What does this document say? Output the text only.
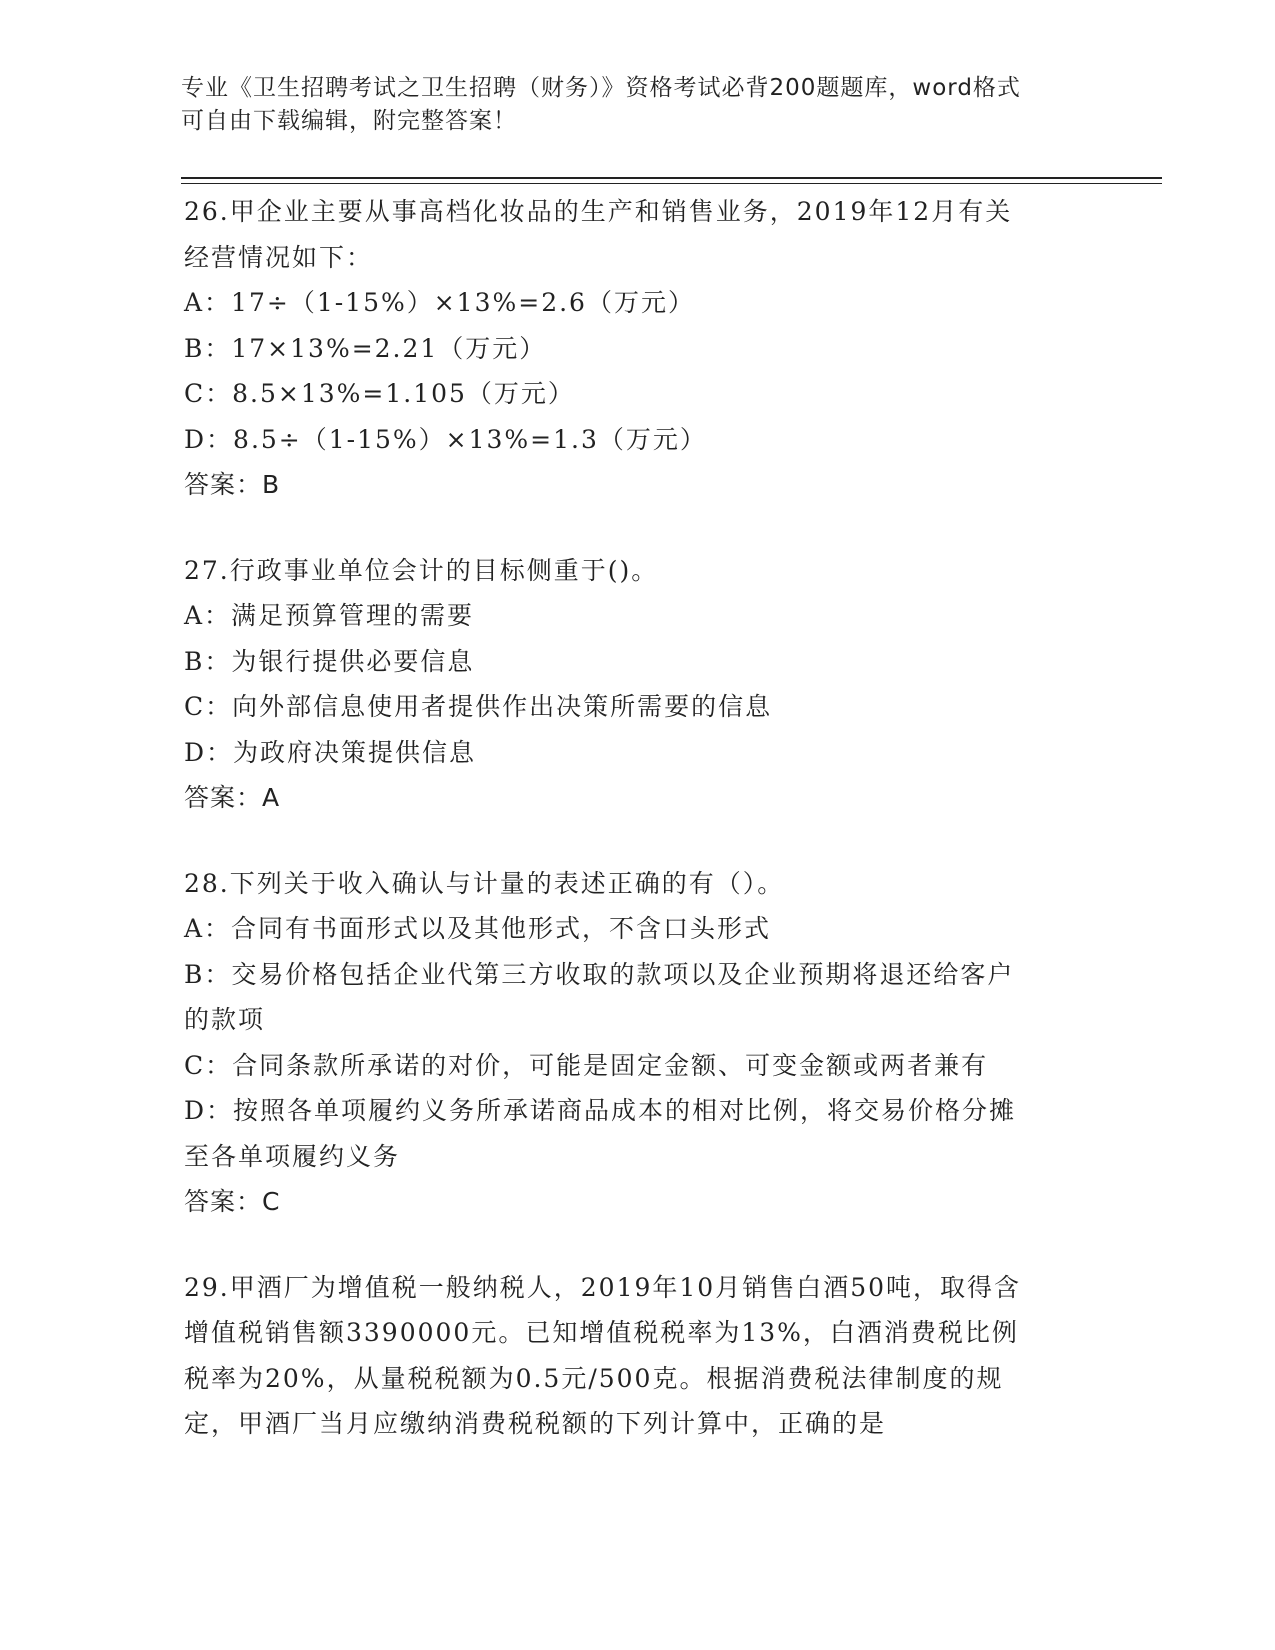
专业《卫生招聘考试之卫生招聘（财务）》资格考试必背200题题库，word格式
可自由下载编辑，附完整答案！
26.甲企业主要从事高档化妆品的生产和销售业务，2019年12月有关
经营情况如下：
A：17÷（1-15%）×13%=2.6（万元）
B：17×13%=2.21（万元）
C：8.5×13%=1.105（万元）
D：8.5÷（1-15%）×13%=1.3（万元）
答案：B
27.行政事业单位会计的目标侧重于()。
A：满足预算管理的需要
B：为银行提供必要信息
C：向外部信息使用者提供作出决策所需要的信息
D：为政府决策提供信息
答案：A
28.下列关于收入确认与计量的表述正确的有（）。
A：合同有书面形式以及其他形式，不含口头形式
B：交易价格包括企业代第三方收取的款项以及企业预期将退还给客户
的款项
C：合同条款所承诺的对价，可能是固定金额、可变金额或两者兼有
D：按照各单项履约义务所承诺商品成本的相对比例，将交易价格分摊
至各单项履约义务
答案：C
29.甲酒厂为增值税一般纳税人，2019年10月销售白酒50吨，取得含
增值税销售额3390000元。已知增值税税率为13%，白酒消费税比例
税率为20%，从量税税额为0.5元/500克。根据消费税法律制度的规
定，甲酒厂当月应缴纳消费税税额的下列计算中，正确的是
